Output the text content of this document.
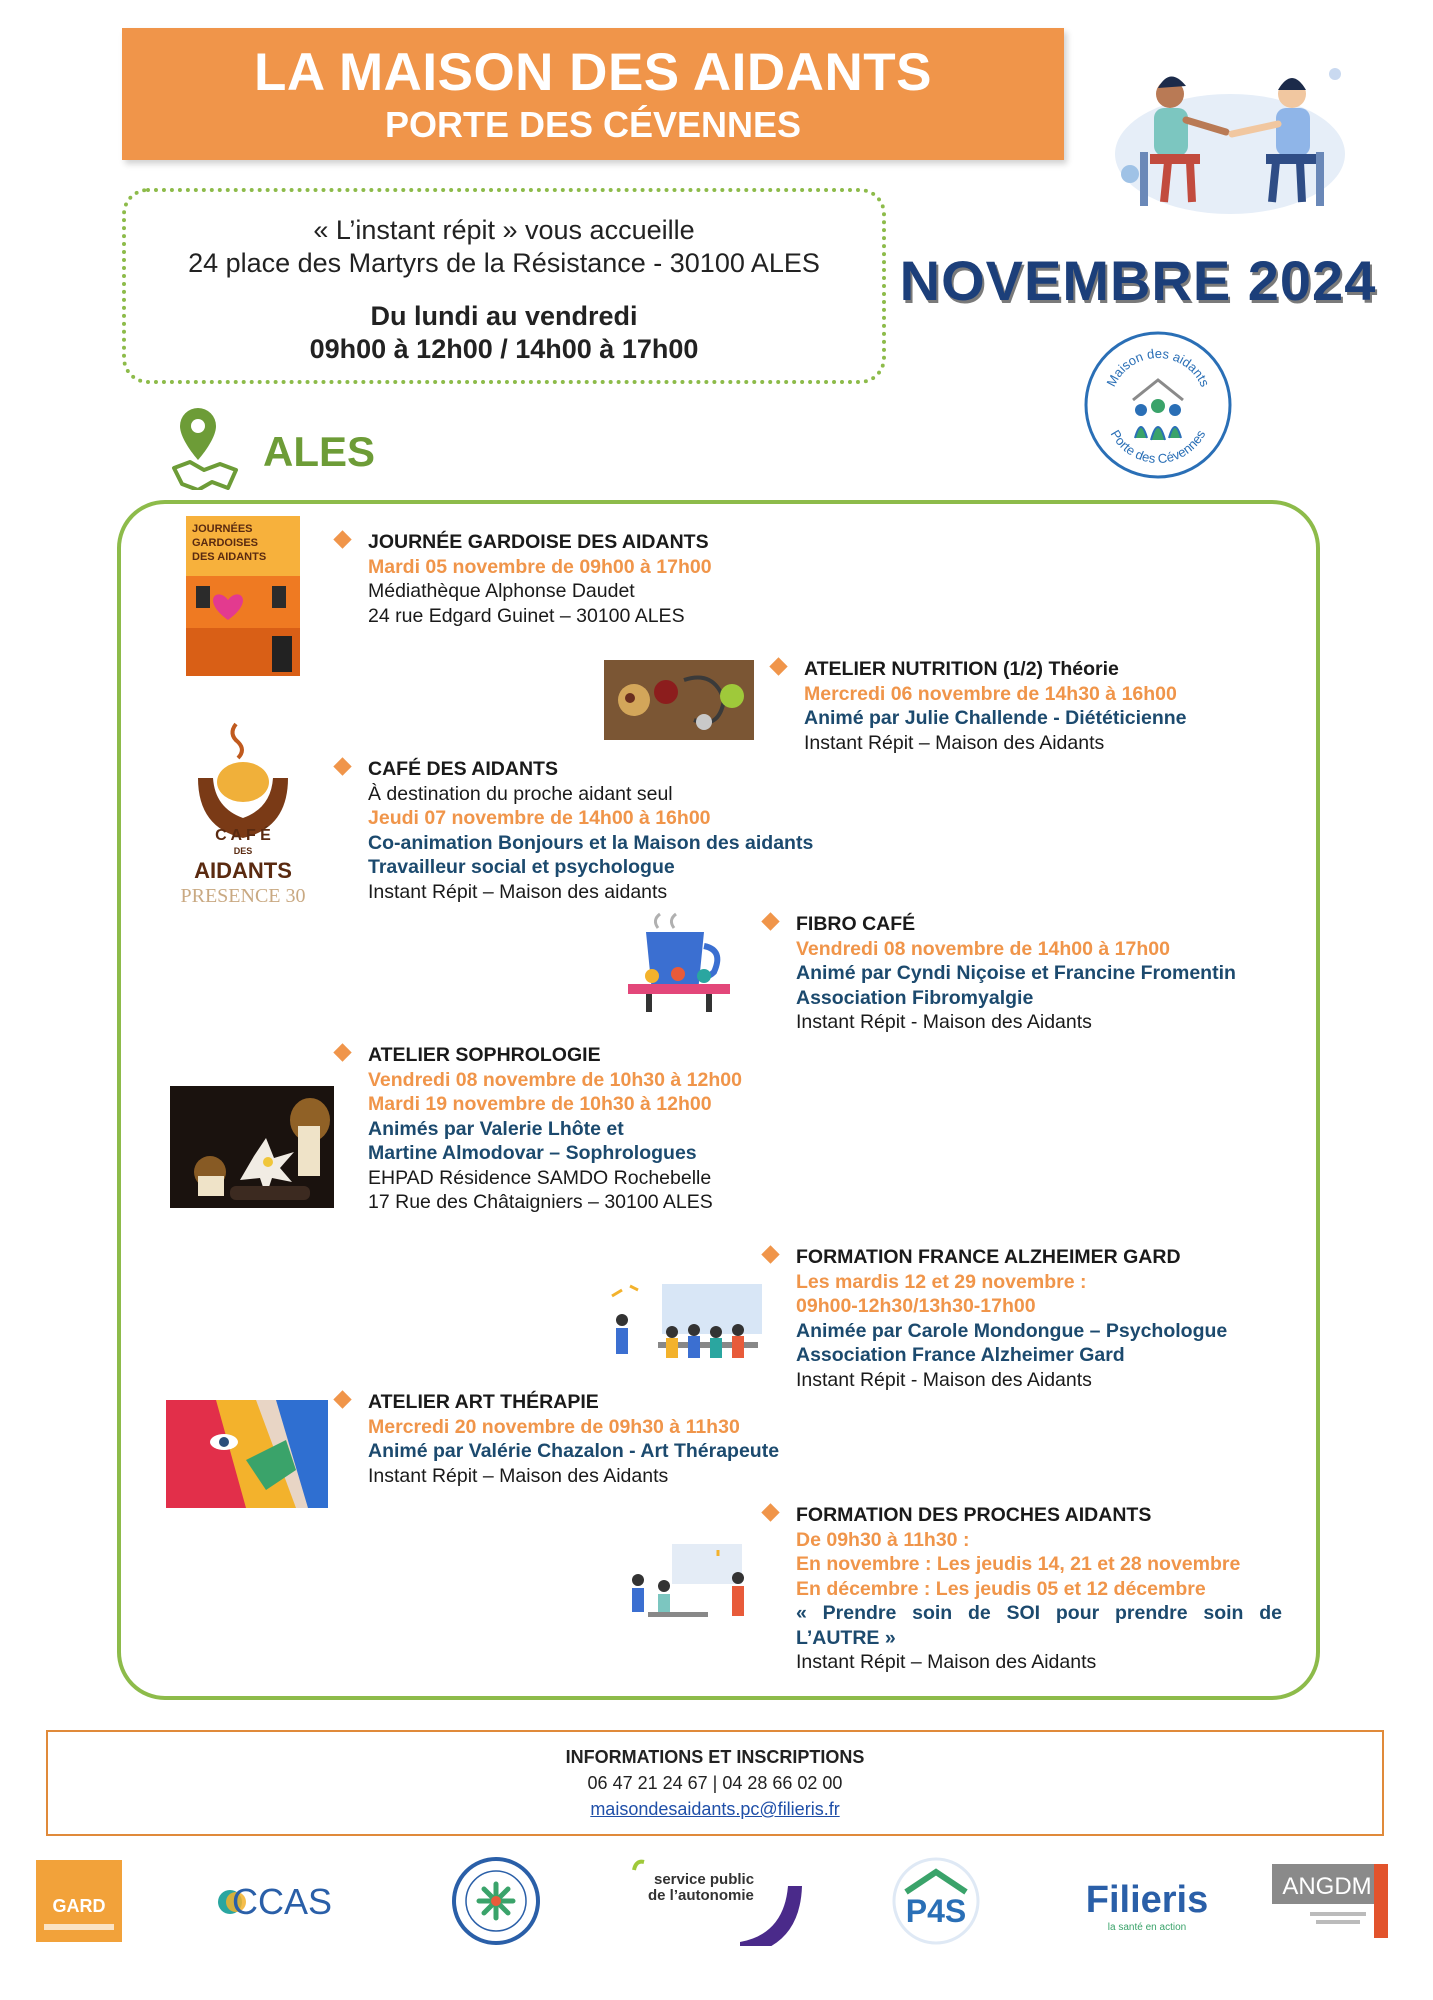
LA MAISON DES AIDANTS
PORTE DES CÉVENNES
« L’instant répit » vous accueille
24 place des Martyrs de la Résistance - 30100 ALES
Du lundi au vendredi
09h00 à 12h00 / 14h00 à 17h00
NOVEMBRE 2024
Maison des aidants
Porte des Cévennes
ALES
JOURNÉES
GARDOISES
DES AIDANTS
JOURNÉE GARDOISE DES AIDANTS
Mardi 05 novembre de 09h00 à 17h00
Médiathèque Alphonse Daudet
24 rue Edgard Guinet – 30100 ALES
ATELIER NUTRITION (1/2) Théorie
Mercredi 06 novembre de 14h30 à 16h00
Animé par Julie Challende - Diététicienne
Instant Répit – Maison des Aidants
C A F É
DES
AIDANTS
PRESENCE 30
CAFÉ DES AIDANTS
À destination du proche aidant seul
Jeudi 07 novembre de 14h00 à 16h00
Co-animation Bonjours et la Maison des aidants
Travailleur social et psychologue
Instant Répit – Maison des aidants
FIBRO CAFÉ
Vendredi 08 novembre de 14h00 à 17h00
Animé par Cyndi Niçoise et Francine Fromentin
Association Fibromyalgie
Instant Répit - Maison des Aidants
ATELIER SOPHROLOGIE
Vendredi 08 novembre de 10h30 à 12h00
Mardi 19 novembre de 10h30 à 12h00
Animés par Valerie Lhôte et
Martine Almodovar – Sophrologues
EHPAD Résidence SAMDO Rochebelle
17 Rue des Châtaigniers – 30100 ALES
FORMATION FRANCE ALZHEIMER GARD
Les mardis 12 et 29 novembre :
09h00-12h30/13h30-17h00
Animée par Carole Mondongue – Psychologue
Association France Alzheimer Gard
Instant Répit - Maison des Aidants
ATELIER ART THÉRAPIE
Mercredi 20 novembre de 09h30 à 11h30
Animé par Valérie Chazalon - Art Thérapeute
Instant Répit – Maison des Aidants
FORMATION DES PROCHES AIDANTS
De 09h30 à 11h30 :
En novembre : Les jeudis 14, 21 et 28 novembre
En décembre : Les jeudis 05 et 12 décembre
« Prendre soin de SOI pour prendre soin de
L’AUTRE »
Instant Répit – Maison des Aidants
INFORMATIONS ET INSCRIPTIONS
06 47 21 24 67 | 04 28 66 02 00
maisondesaidants.pc@filieris.fr
GARD	CCAS
service public
de l’autonomie	P4S	Filieris
la santé en action
ANGDM
